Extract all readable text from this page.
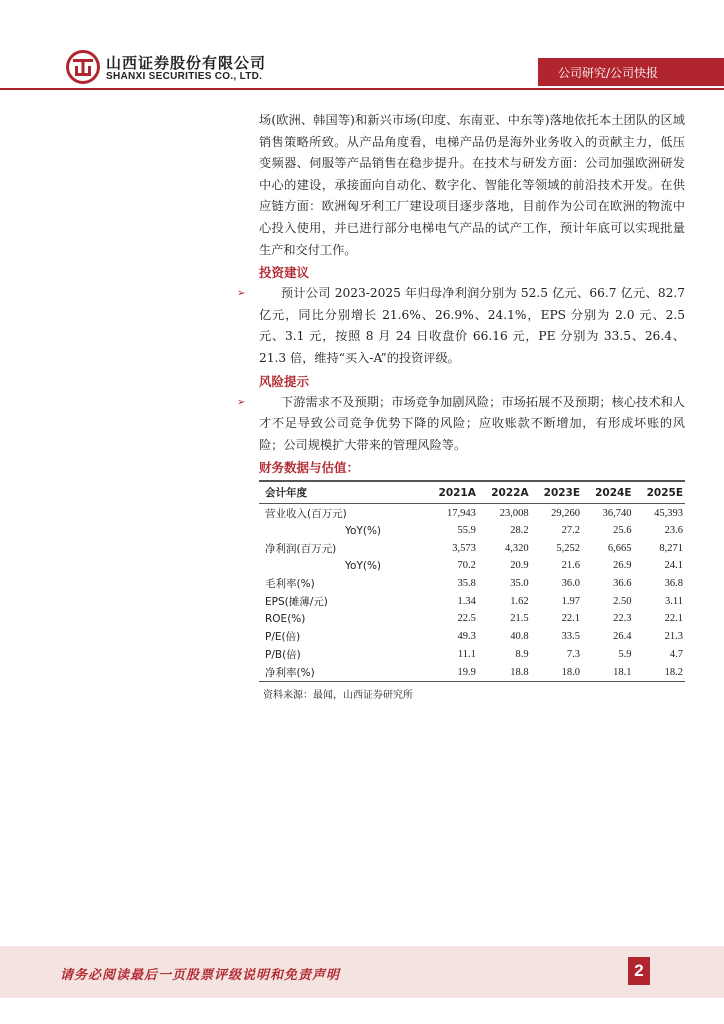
山西证券股份有限公司
SHANXI SECURITIES CO., LTD.	公司研究/公司快报

场(欧洲、韩国等)和新兴市场(印度、东南亚、中东等)落地依托本土团队的区域销售策略所致。从产品角度看，电梯产品仍是海外业务收入的贡献主力，低压变频器、伺服等产品销售在稳步提升。在技术与研发方面：公司加强欧洲研发中心的建设，承接面向自动化、数字化、智能化等领域的前沿技术开发。在供应链方面：欧洲匈牙利工厂建设项目逐步落地，目前作为公司在欧洲的物流中心投入使用，并已进行部分电梯电气产品的试产工作，预计年底可以实现批量生产和交付工作。

投资建议

➢	预计公司 2023-2025 年归母净利润分别为 52.5 亿元、66.7 亿元、82.7 亿元，同比分别增长 21.6%、26.9%、24.1%，EPS 分别为 2.0 元、2.5 元、3.1 元，按照 8 月 24 日收盘价 66.16 元，PE 分别为 33.5、26.4、21.3 倍，维持“买入-A”的投资评级。

风险提示

➢	下游需求不及预期；市场竞争加剧风险；市场拓展不及预期；核心技术和人才不足导致公司竞争优势下降的风险；应收账款不断增加，有形成坏账的风险；公司规模扩大带来的管理风险等。

财务数据与估值：
会计年度	2021A	2022A	2023E	2024E	2025E
营业收入(百万元)	17,943	23,008	29,260	36,740	45,393
YoY(%)	55.9	28.2	27.2	25.6	23.6
净利润(百万元)	3,573	4,320	5,252	6,665	8,271
YoY(%)	70.2	20.9	21.6	26.9	24.1
毛利率(%)	35.8	35.0	36.0	36.6	36.8
EPS(摊薄/元)	1.34	1.62	1.97	2.50	3.11
ROE(%)	22.5	21.5	22.1	22.3	22.1
P/E(倍)	49.3	40.8	33.5	26.4	21.3
P/B(倍)	11.1	8.9	7.3	5.9	4.7
净利率(%)	19.9	18.8	18.0	18.1	18.2
资料来源：最闻，山西证券研究所
请务必阅读最后一页股票评级说明和免责声明	2
